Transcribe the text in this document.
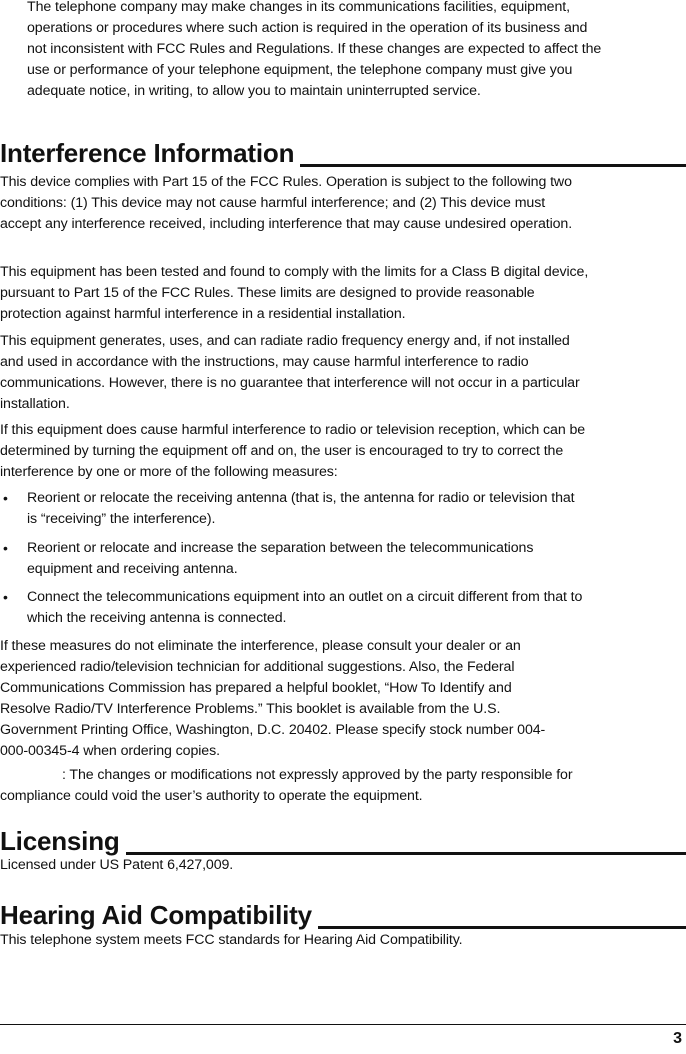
The telephone company may make changes in its communications facilities, equipment, operations or procedures where such action is required in the operation of its business and not inconsistent with FCC Rules and Regulations. If these changes are expected to affect the use or performance of your telephone equipment, the telephone company must give you adequate notice, in writing, to allow you to maintain uninterrupted service.

Interference Information

This device complies with Part 15 of the FCC Rules. Operation is subject to the following two conditions: (1) This device may not cause harmful interference; and (2) This device must accept any interference received, including interference that may cause undesired operation.

This equipment has been tested and found to comply with the limits for a Class B digital device, pursuant to Part 15 of the FCC Rules. These limits are designed to provide reasonable protection against harmful interference in a residential installation.

This equipment generates, uses, and can radiate radio frequency energy and, if not installed and used in accordance with the instructions, may cause harmful interference to radio communications. However, there is no guarantee that interference will not occur in a particular installation.

If this equipment does cause harmful interference to radio or television reception, which can be determined by turning the equipment off and on, the user is encouraged to try to correct the interference by one or more of the following measures:

• Reorient or relocate the receiving antenna (that is, the antenna for radio or television that is “receiving” the interference).

• Reorient or relocate and increase the separation between the telecommunications equipment and receiving antenna.

• Connect the telecommunications equipment into an outlet on a circuit different from that to which the receiving antenna is connected.

If these measures do not eliminate the interference, please consult your dealer or an experienced radio/television technician for additional suggestions. Also, the Federal Communications Commission has prepared a helpful booklet, “How To Identify and Resolve Radio/TV Interference Problems.” This booklet is available from the U.S. Government Printing Office, Washington, D.C. 20402. Please specify stock number 004-000-00345-4 when ordering copies.

: The changes or modifications not expressly approved by the party responsible for compliance could void the user’s authority to operate the equipment.

Licensing

Licensed under US Patent 6,427,009.

Hearing Aid Compatibility

This telephone system meets FCC standards for Hearing Aid Compatibility.

3
